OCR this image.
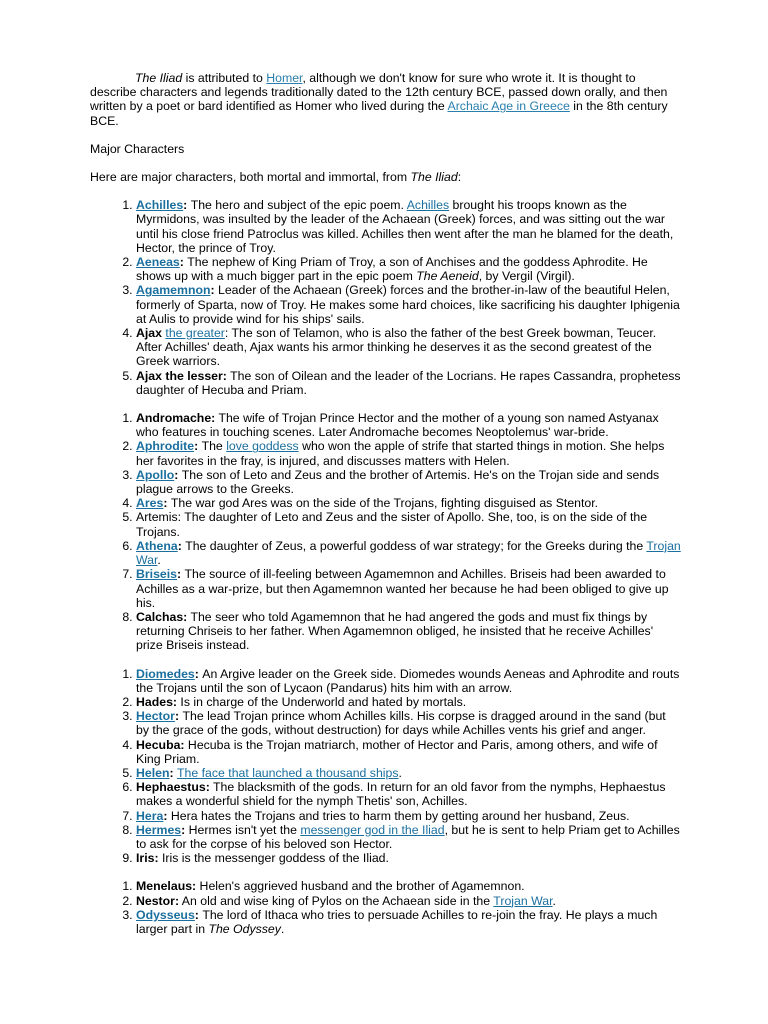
The Iliad is attributed to Homer, although we don't know for sure who wrote it. It is thought to describe characters and legends traditionally dated to the 12th century BCE, passed down orally, and then written by a poet or bard identified as Homer who lived during the Archaic Age in Greece in the 8th century BCE.

Major Characters

Here are major characters, both mortal and immortal, from The Iliad:

1. Achilles: The hero and subject of the epic poem. Achilles brought his troops known as the Myrmidons, was insulted by the leader of the Achaean (Greek) forces, and was sitting out the war until his close friend Patroclus was killed. Achilles then went after the man he blamed for the death, Hector, the prince of Troy.
2. Aeneas: The nephew of King Priam of Troy, a son of Anchises and the goddess Aphrodite. He shows up with a much bigger part in the epic poem The Aeneid, by Vergil (Virgil).
3. Agamemnon: Leader of the Achaean (Greek) forces and the brother-in-law of the beautiful Helen, formerly of Sparta, now of Troy. He makes some hard choices, like sacrificing his daughter Iphigenia at Aulis to provide wind for his ships' sails.
4. Ajax the greater: The son of Telamon, who is also the father of the best Greek bowman, Teucer. After Achilles' death, Ajax wants his armor thinking he deserves it as the second greatest of the Greek warriors.
5. Ajax the lesser: The son of Oilean and the leader of the Locrians. He rapes Cassandra, prophetess daughter of Hecuba and Priam.
1. Andromache: The wife of Trojan Prince Hector and the mother of a young son named Astyanax who features in touching scenes. Later Andromache becomes Neoptolemus' war-bride.
2. Aphrodite: The love goddess who won the apple of strife that started things in motion. She helps her favorites in the fray, is injured, and discusses matters with Helen.
3. Apollo: The son of Leto and Zeus and the brother of Artemis. He's on the Trojan side and sends plague arrows to the Greeks.
4. Ares: The war god Ares was on the side of the Trojans, fighting disguised as Stentor.
5. Artemis: The daughter of Leto and Zeus and the sister of Apollo. She, too, is on the side of the Trojans.
6. Athena: The daughter of Zeus, a powerful goddess of war strategy; for the Greeks during the Trojan War.
7. Briseis: The source of ill-feeling between Agamemnon and Achilles. Briseis had been awarded to Achilles as a war-prize, but then Agamemnon wanted her because he had been obliged to give up his.
8. Calchas: The seer who told Agamemnon that he had angered the gods and must fix things by returning Chriseis to her father. When Agamemnon obliged, he insisted that he receive Achilles' prize Briseis instead.
1. Diomedes: An Argive leader on the Greek side. Diomedes wounds Aeneas and Aphrodite and routs the Trojans until the son of Lycaon (Pandarus) hits him with an arrow.
2. Hades: Is in charge of the Underworld and hated by mortals.
3. Hector: The lead Trojan prince whom Achilles kills. His corpse is dragged around in the sand (but by the grace of the gods, without destruction) for days while Achilles vents his grief and anger.
4. Hecuba: Hecuba is the Trojan matriarch, mother of Hector and Paris, among others, and wife of King Priam.
5. Helen: The face that launched a thousand ships.
6. Hephaestus: The blacksmith of the gods. In return for an old favor from the nymphs, Hephaestus makes a wonderful shield for the nymph Thetis' son, Achilles.
7. Hera: Hera hates the Trojans and tries to harm them by getting around her husband, Zeus.
8. Hermes: Hermes isn't yet the messenger god in the Iliad, but he is sent to help Priam get to Achilles to ask for the corpse of his beloved son Hector.
9. Iris: Iris is the messenger goddess of the Iliad.
1. Menelaus: Helen's aggrieved husband and the brother of Agamemnon.
2. Nestor: An old and wise king of Pylos on the Achaean side in the Trojan War.
3. Odysseus: The lord of Ithaca who tries to persuade Achilles to re-join the fray. He plays a much larger part in The Odyssey.
